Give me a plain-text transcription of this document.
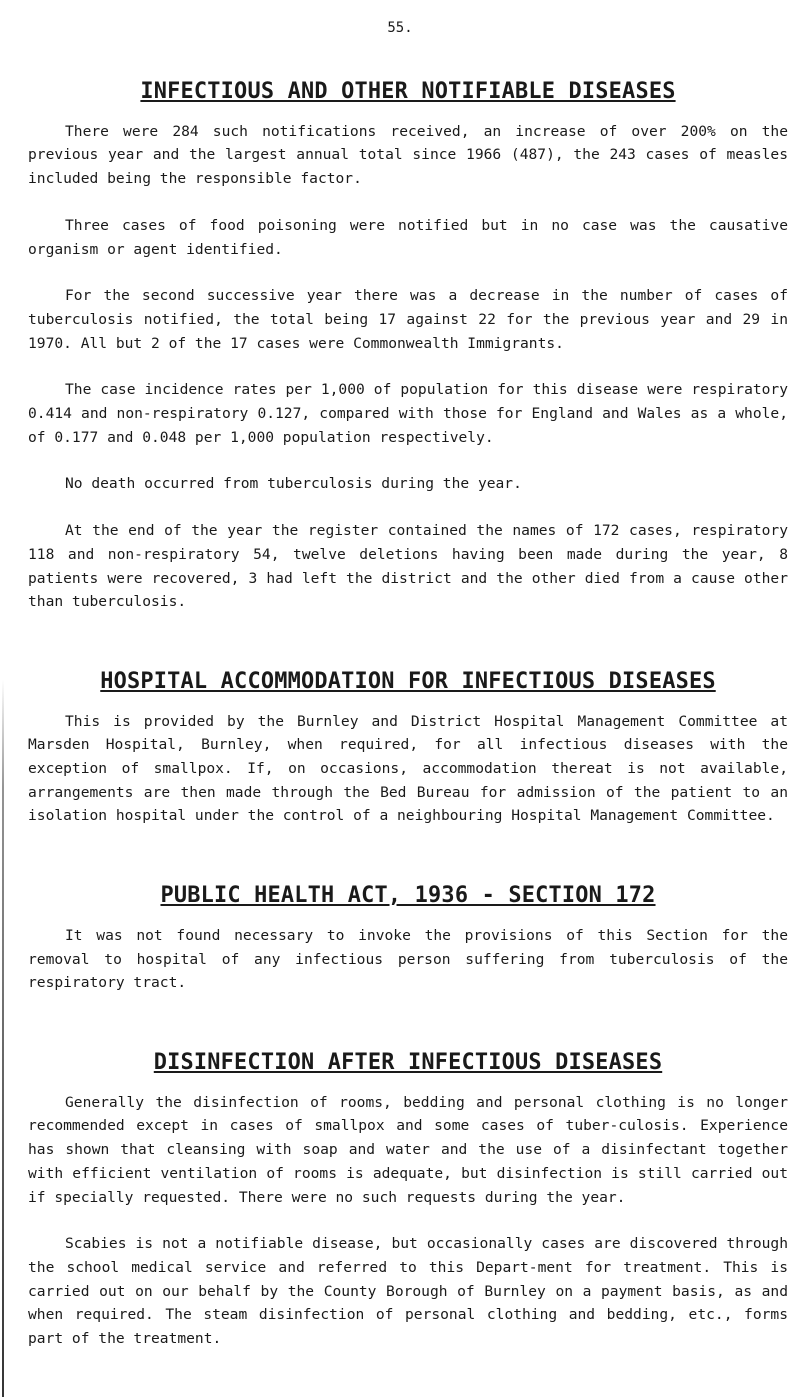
55.
INFECTIOUS AND OTHER NOTIFIABLE DISEASES

There were 284 such notifications received, an increase of over 200% on the previous year and the largest annual total since 1966 (487), the 243 cases of measles included being the responsible factor.

Three cases of food poisoning were notified but in no case was the causative organism or agent identified.

For the second successive year there was a decrease in the number of cases of tuberculosis notified, the total being 17 against 22 for the previous year and 29 in 1970. All but 2 of the 17 cases were Commonwealth Immigrants.

The case incidence rates per 1,000 of population for this disease were respiratory 0.414 and non-respiratory 0.127, compared with those for England and Wales as a whole, of 0.177 and 0.048 per 1,000 population respectively.

No death occurred from tuberculosis during the year.

At the end of the year the register contained the names of 172 cases, respiratory 118 and non-respiratory 54, twelve deletions having been made during the year, 8 patients were recovered, 3 had left the district and the other died from a cause other than tuberculosis.

HOSPITAL ACCOMMODATION FOR INFECTIOUS DISEASES

This is provided by the Burnley and District Hospital Management Committee at Marsden Hospital, Burnley, when required, for all infectious diseases with the exception of smallpox. If, on occasions, accommodation thereat is not available, arrangements are then made through the Bed Bureau for admission of the patient to an isolation hospital under the control of a neighbouring Hospital Management Committee.

PUBLIC HEALTH ACT, 1936 - SECTION 172

It was not found necessary to invoke the provisions of this Section for the removal to hospital of any infectious person suffering from tuberculosis of the respiratory tract.

DISINFECTION AFTER INFECTIOUS DISEASES

Generally the disinfection of rooms, bedding and personal clothing is no longer recommended except in cases of smallpox and some cases of tuber-culosis. Experience has shown that cleansing with soap and water and the use of a disinfectant together with efficient ventilation of rooms is adequate, but disinfection is still carried out if specially requested. There were no such requests during the year.

Scabies is not a notifiable disease, but occasionally cases are discovered through the school medical service and referred to this Depart-ment for treatment. This is carried out on our behalf by the County Borough of Burnley on a payment basis, as and when required. The steam disinfection of personal clothing and bedding, etc., forms part of the treatment.
